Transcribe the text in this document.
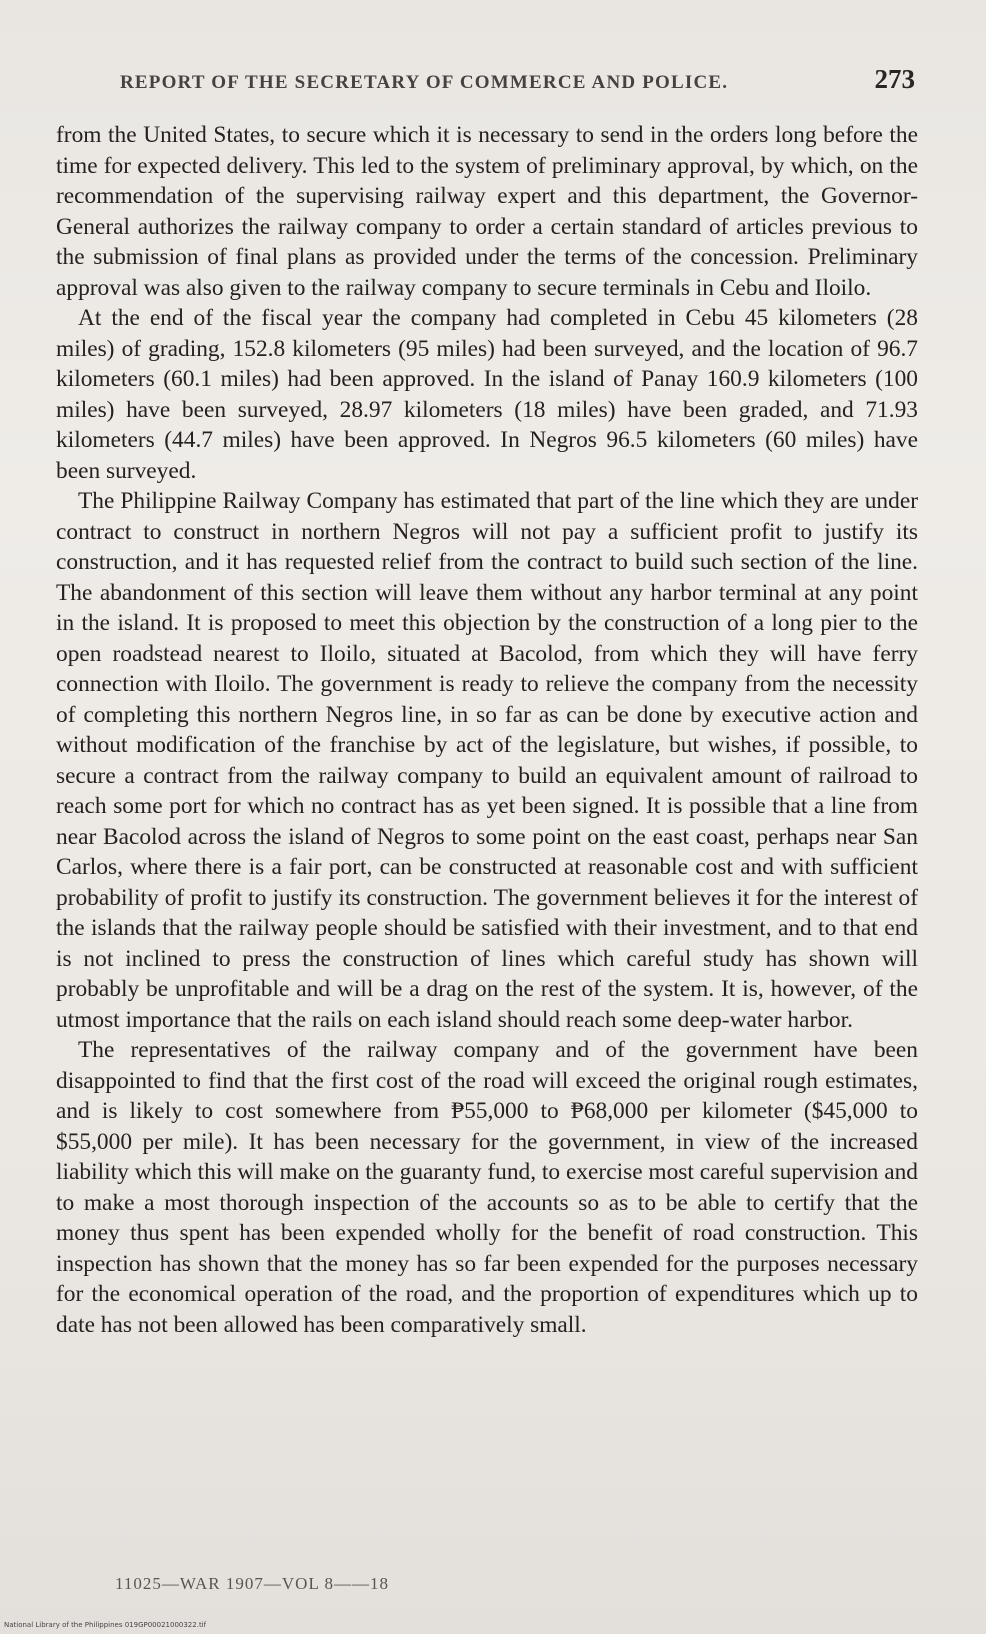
REPORT OF THE SECRETARY OF COMMERCE AND POLICE.	273

from the United States, to secure which it is necessary to send in the orders long before the time for expected delivery. This led to the system of preliminary approval, by which, on the recommendation of the supervising railway expert and this department, the Governor-General authorizes the railway company to order a certain standard of articles previous to the submission of final plans as provided under the terms of the concession. Preliminary approval was also given to the railway company to secure terminals in Cebu and Iloilo.

At the end of the fiscal year the company had completed in Cebu 45 kilometers (28 miles) of grading, 152.8 kilometers (95 miles) had been surveyed, and the location of 96.7 kilometers (60.1 miles) had been approved. In the island of Panay 160.9 kilometers (100 miles) have been surveyed, 28.97 kilometers (18 miles) have been graded, and 71.93 kilometers (44.7 miles) have been approved. In Negros 96.5 kilometers (60 miles) have been surveyed.

The Philippine Railway Company has estimated that part of the line which they are under contract to construct in northern Negros will not pay a sufficient profit to justify its construction, and it has requested relief from the contract to build such section of the line. The abandonment of this section will leave them without any harbor terminal at any point in the island. It is proposed to meet this objection by the construction of a long pier to the open roadstead nearest to Iloilo, situated at Bacolod, from which they will have ferry connection with Iloilo. The government is ready to relieve the company from the necessity of completing this northern Negros line, in so far as can be done by executive action and without modification of the franchise by act of the legislature, but wishes, if possible, to secure a contract from the railway company to build an equivalent amount of railroad to reach some port for which no contract has as yet been signed. It is possible that a line from near Bacolod across the island of Negros to some point on the east coast, perhaps near San Carlos, where there is a fair port, can be constructed at reasonable cost and with sufficient probability of profit to justify its construction. The government believes it for the interest of the islands that the railway people should be satisfied with their investment, and to that end is not inclined to press the construction of lines which careful study has shown will probably be unprofitable and will be a drag on the rest of the system. It is, however, of the utmost importance that the rails on each island should reach some deep-water harbor.

The representatives of the railway company and of the government have been disappointed to find that the first cost of the road will exceed the original rough estimates, and is likely to cost somewhere from ₱55,000 to ₱68,000 per kilometer ($45,000 to $55,000 per mile). It has been necessary for the government, in view of the increased liability which this will make on the guaranty fund, to exercise most careful supervision and to make a most thorough inspection of the accounts so as to be able to certify that the money thus spent has been expended wholly for the benefit of road construction. This inspection has shown that the money has so far been expended for the purposes necessary for the economical operation of the road, and the proportion of expenditures which up to date has not been allowed has been comparatively small.

11025—WAR 1907—VOL 8——18
National Library of the Philippines 019GP00021000322.tif
